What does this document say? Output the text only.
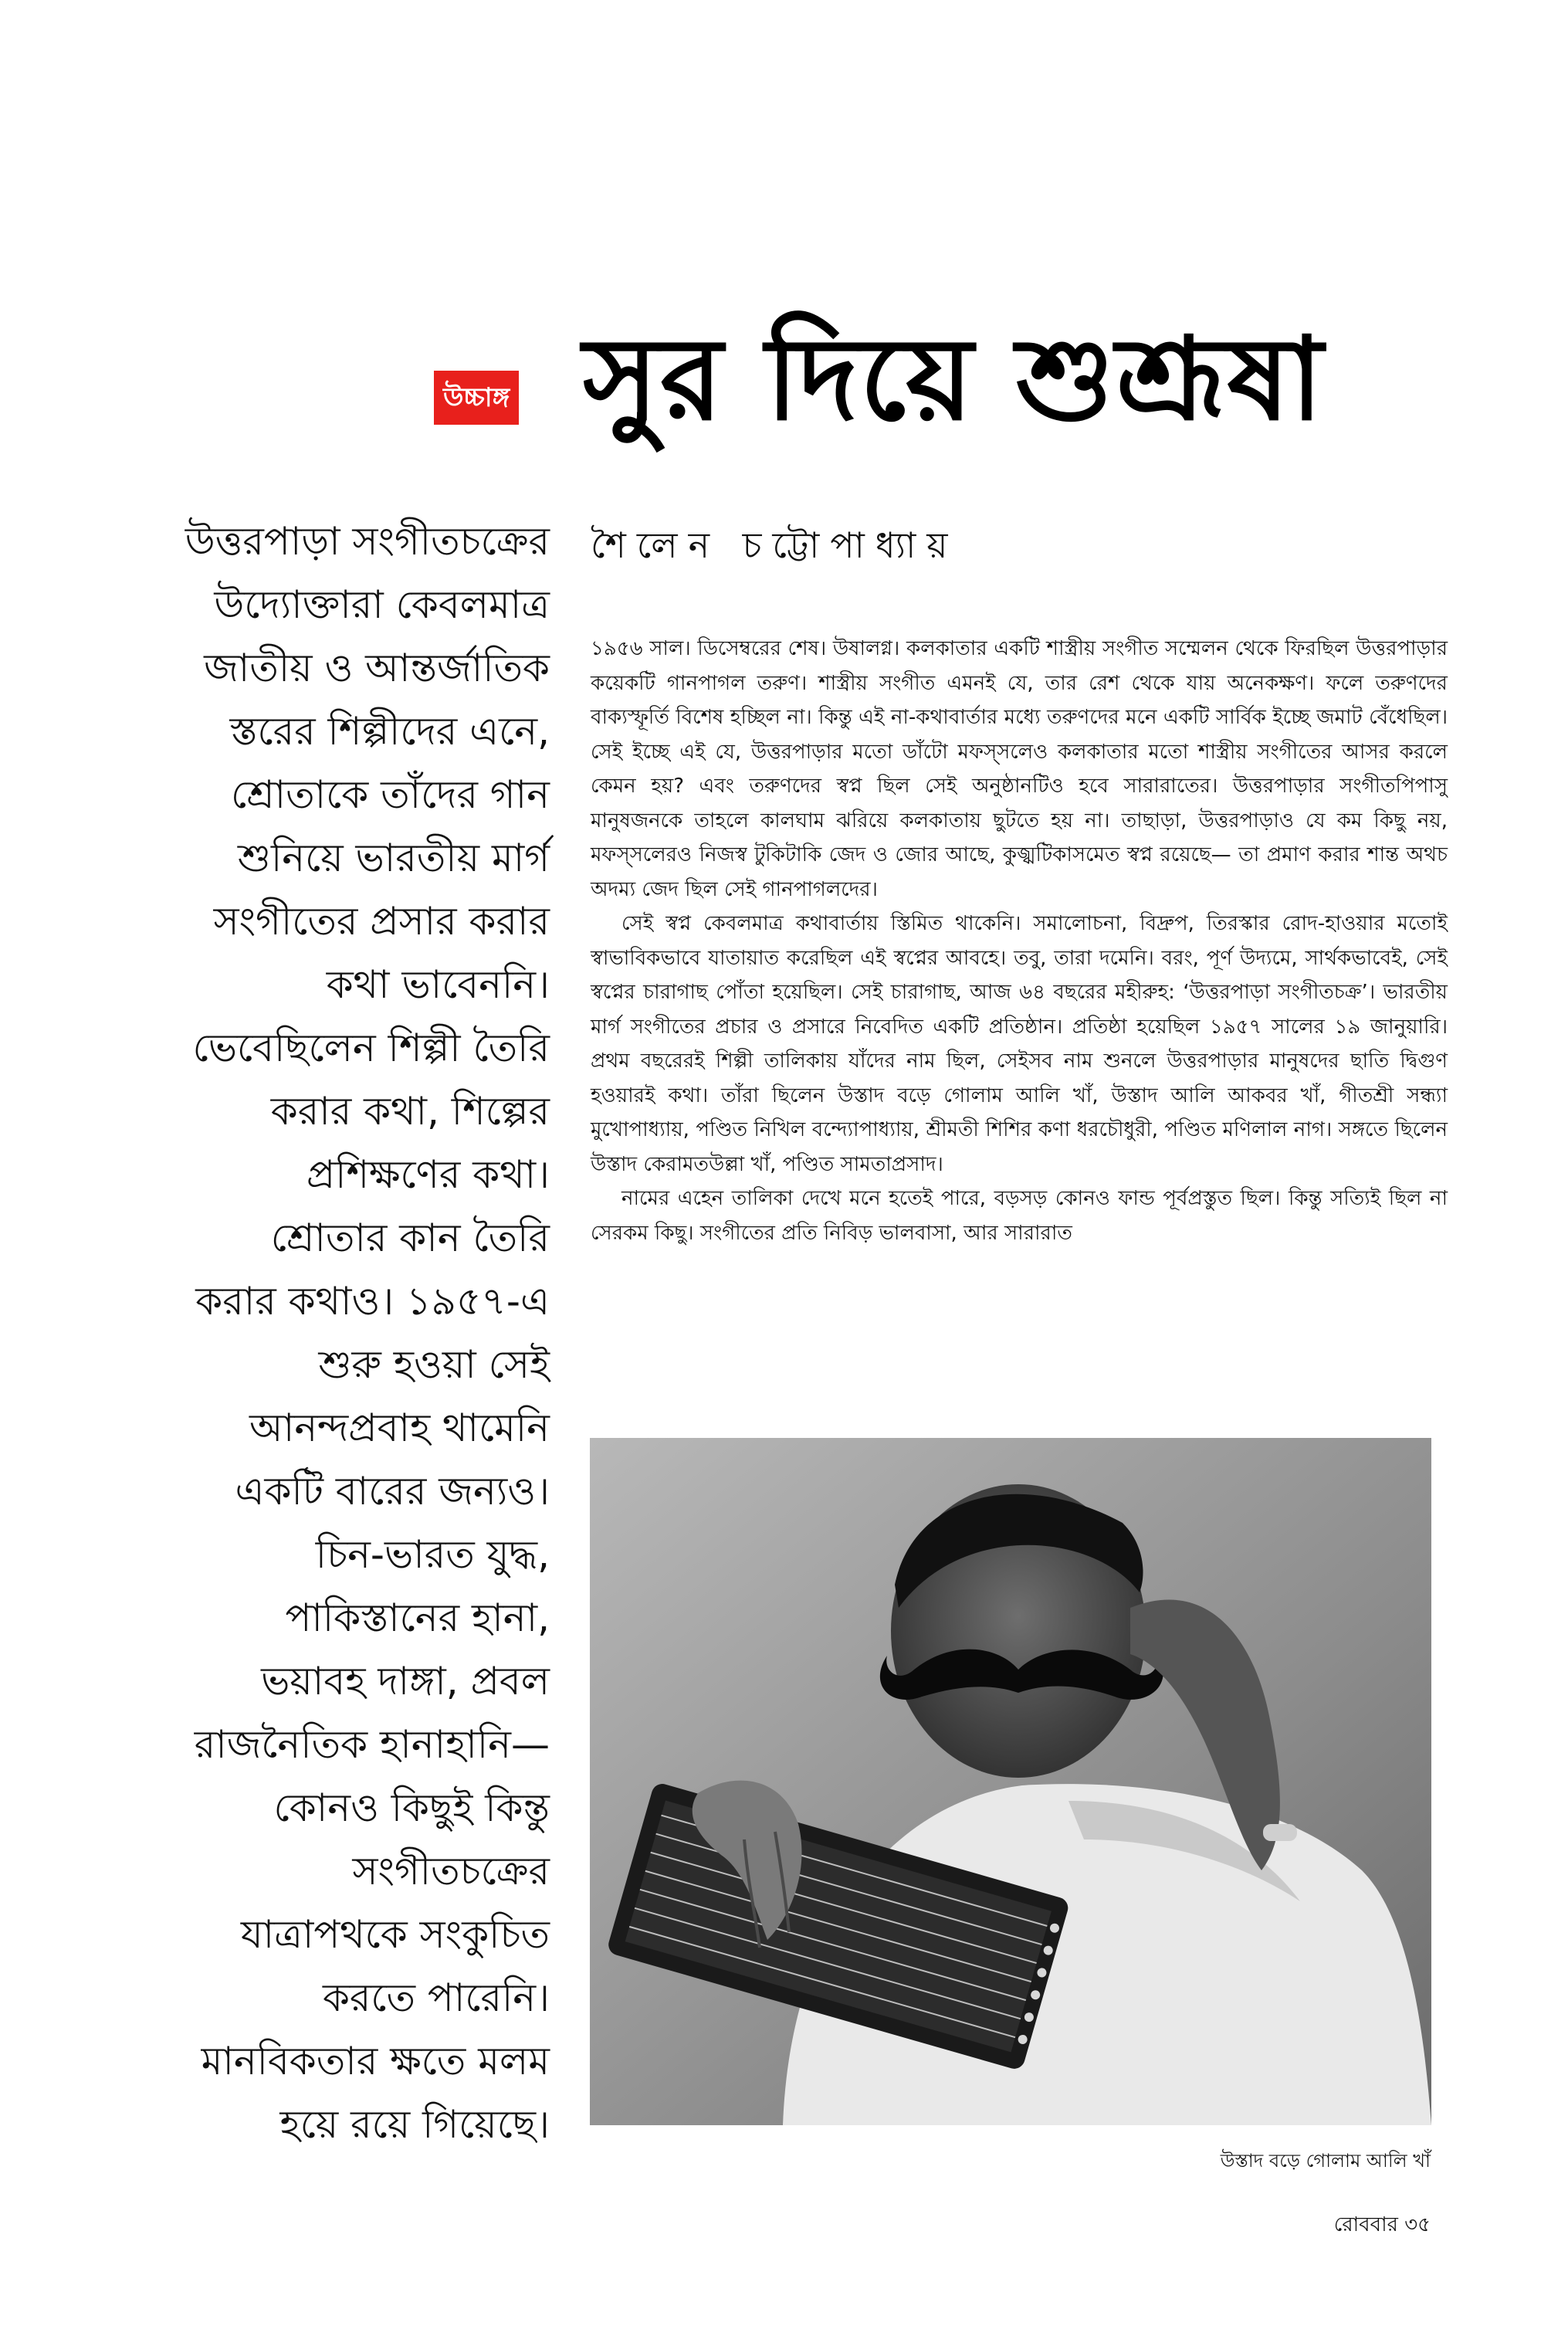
উচ্চাঙ্গ সুর দিয়ে শুশ্রূষা
উত্তরপাড়া সংগীতচক্রের
উদ্যোক্তারা কেবলমাত্র
জাতীয় ও আন্তর্জাতিক
স্তরের শিল্পীদের এনে,
শ্রোতাকে তাঁদের গান
শুনিয়ে ভারতীয় মার্গ
সংগীতের প্রসার করার
কথা ভাবেননি।
ভেবেছিলেন শিল্পী তৈরি
করার কথা, শিল্পের
প্রশিক্ষণের কথা।
শ্রোতার কান তৈরি
করার কথাও। ১৯৫৭-এ
শুরু হওয়া সেই
আনন্দপ্রবাহ থামেনি
একটি বারের জন্যও।
চিন-ভারত যুদ্ধ,
পাকিস্তানের হানা,
ভয়াবহ দাঙ্গা, প্রবল
রাজনৈতিক হানাহানি—
কোনও কিছুই কিন্তু
সংগীতচক্রের
যাত্রাপথকে সংকুচিত
করতে পারেনি।
মানবিকতার ক্ষতে মলম
হয়ে রয়ে গিয়েছে।
শৈলেন চট্টোপাধ্যায়

১৯৫৬ সাল। ডিসেম্বরের শেষ। উষালগ্ন। কলকাতার একটি শাস্ত্রীয় সংগীত সম্মেলন থেকে ফিরছিল উত্তরপাড়ার কয়েকটি গানপাগল তরুণ। শাস্ত্রীয় সংগীত এমনই যে, তার রেশ থেকে যায় অনেকক্ষণ। ফলে তরুণদের বাক্যস্ফূর্তি বিশেষ হচ্ছিল না। কিন্তু এই না-কথাবার্তার মধ্যে তরুণদের মনে একটি সার্বিক ইচ্ছে জমাট বেঁধেছিল। সেই ইচ্ছে এই যে, উত্তরপাড়ার মতো ডাঁটো মফস্সলেও কলকাতার মতো শাস্ত্রীয় সংগীতের আসর করলে কেমন হয়? এবং তরুণদের স্বপ্ন ছিল সেই অনুষ্ঠানটিও হবে সারারাতের। উত্তরপাড়ার সংগীতপিপাসু মানুষজনকে তাহলে কালঘাম ঝরিয়ে কলকাতায় ছুটতে হয় না। তাছাড়া, উত্তরপাড়াও যে কম কিছু নয়, মফস্সলেরও নিজস্ব টুকিটাকি জেদ ও জোর আছে, কুজ্ঝটিকাসমেত স্বপ্ন রয়েছে— তা প্রমাণ করার শান্ত অথচ অদম্য জেদ ছিল সেই গানপাগলদের।

সেই স্বপ্ন কেবলমাত্র কথাবার্তায় স্তিমিত থাকেনি। সমালোচনা, বিদ্রুপ, তিরস্কার রোদ-হাওয়ার মতোই স্বাভাবিকভাবে যাতায়াত করেছিল এই স্বপ্নের আবহে। তবু, তারা দমেনি। বরং, পূর্ণ উদ্যমে, সার্থকভাবেই, সেই স্বপ্নের চারাগাছ পোঁতা হয়েছিল। সেই চারাগাছ, আজ ৬৪ বছরের মহীরুহ: ‘উত্তরপাড়া সংগীতচক্র’। ভারতীয় মার্গ সংগীতের প্রচার ও প্রসারে নিবেদিত একটি প্রতিষ্ঠান। প্রতিষ্ঠা হয়েছিল ১৯৫৭ সালের ১৯ জানুয়ারি। প্রথম বছরেরই শিল্পী তালিকায় যাঁদের নাম ছিল, সেইসব নাম শুনলে উত্তরপাড়ার মানুষদের ছাতি দ্বিগুণ হওয়ারই কথা। তাঁরা ছিলেন উস্তাদ বড়ে গোলাম আলি খাঁ, উস্তাদ আলি আকবর খাঁ, গীতশ্রী সন্ধ্যা মুখোপাধ্যায়, পণ্ডিত নিখিল বন্দ্যোপাধ্যায়, শ্রীমতী শিশির কণা ধরচৌধুরী, পণ্ডিত মণিলাল নাগ। সঙ্গতে ছিলেন উস্তাদ কেরামতউল্লা খাঁ, পণ্ডিত সামতাপ্রসাদ।

নামের এহেন তালিকা দেখে মনে হতেই পারে, বড়সড় কোনও ফান্ড পূর্বপ্রস্তুত ছিল। কিন্তু সত্যিই ছিল না সেরকম কিছু। সংগীতের প্রতি নিবিড় ভালবাসা, আর সারারাত

উস্তাদ বড়ে গোলাম আলি খাঁ
রোববার ৩৫
